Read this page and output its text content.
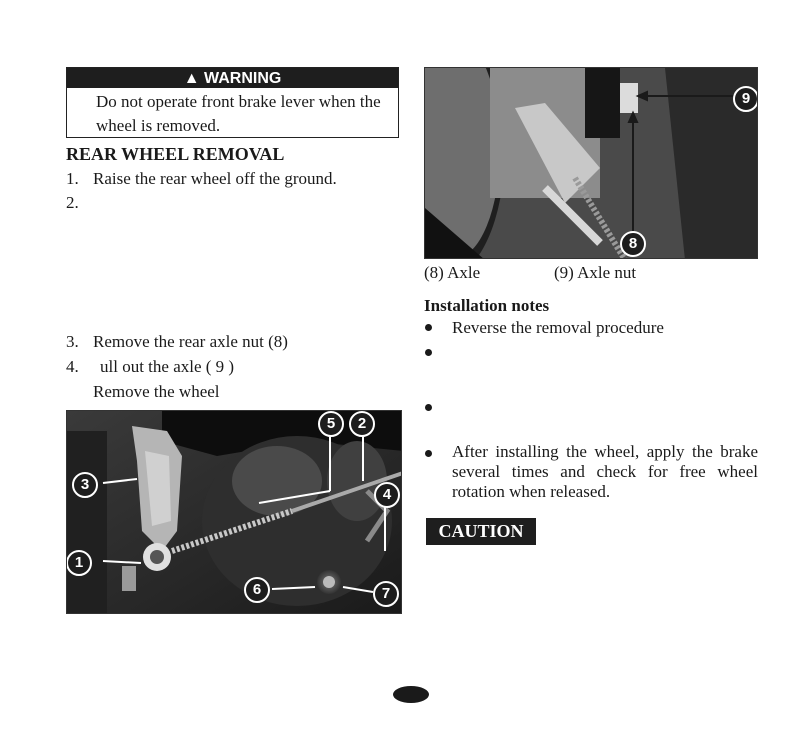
▲ WARNING
Do not operate front brake lever when the wheel is removed.
REAR WHEEL REMOVAL
1. Raise the rear wheel off the ground.
2.
3. Remove the rear axle nut (8)
4. ull out the axle ( 9 )
Remove the wheel
1
2
3
4
5
6	7
9
8
(8) Axle	(9) Axle nut
Installation notes
Reverse the removal procedure
After installing the wheel, apply the brake several times and check for free wheel rotation when released.
CAUTION
